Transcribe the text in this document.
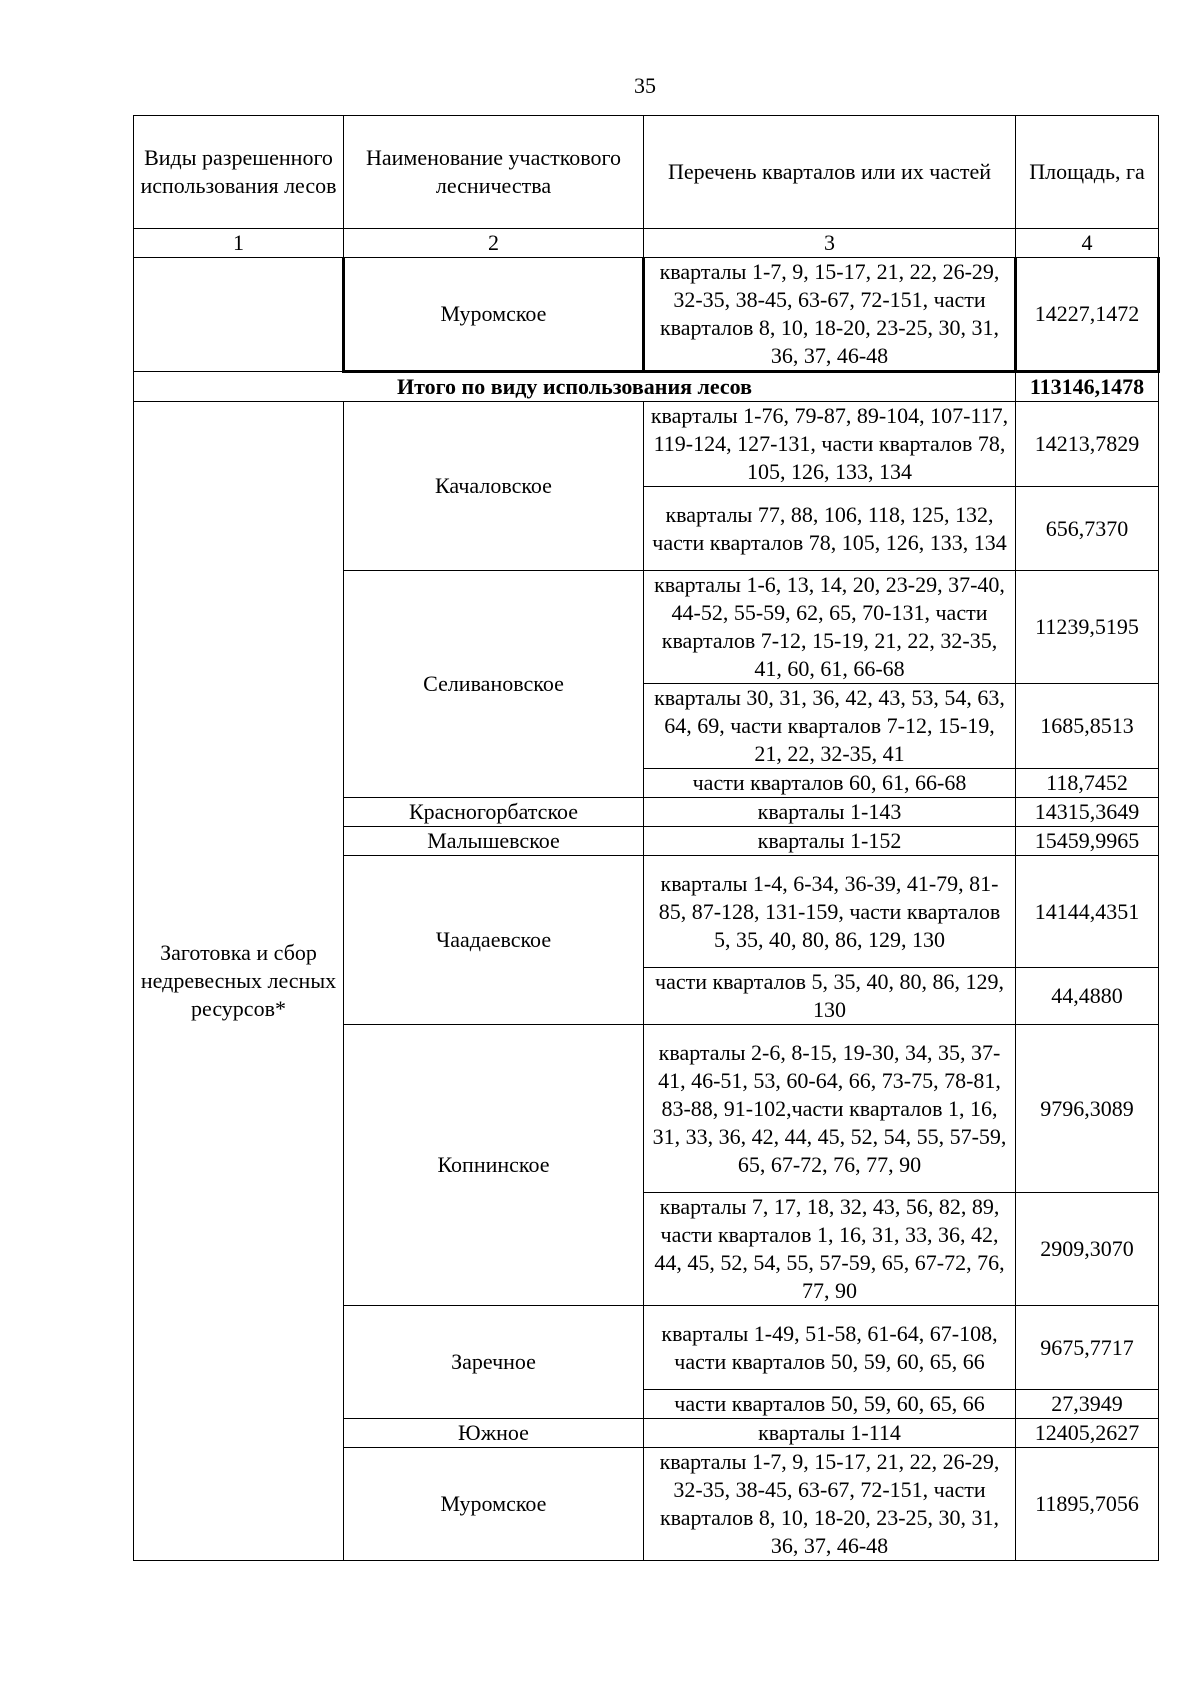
35
Виды разрешенного использования лесов	Наименование участкового лесничества	Перечень кварталов или их частей	Площадь, га
1	2	3	4
	Муромское	кварталы 1-7, 9, 15-17, 21, 22, 26-29, 32-35, 38-45, 63-67, 72-151, части кварталов 8, 10, 18-20, 23-25, 30, 31, 36, 37, 46-48	14227,1472
Итого по виду использования лесов			113146,1478
Заготовка и сбор недревесных лесных ресурсов*	Качаловское	кварталы 1-76, 79-87, 89-104, 107-117, 119-124, 127-131, части кварталов 78, 105, 126, 133, 134	14213,7829
		кварталы 77, 88, 106, 118, 125, 132, части кварталов 78, 105, 126, 133, 134	656,7370
	Селивановское	кварталы 1-6, 13, 14, 20, 23-29, 37-40, 44-52, 55-59, 62, 65, 70-131, части кварталов 7-12, 15-19, 21, 22, 32-35, 41, 60, 61, 66-68	11239,5195
		кварталы 30, 31, 36, 42, 43, 53, 54, 63, 64, 69, части кварталов 7-12, 15-19, 21, 22, 32-35, 41	1685,8513
		части кварталов 60, 61, 66-68	118,7452
	Красногорбатское	кварталы 1-143	14315,3649
	Малышевское	кварталы 1-152	15459,9965
	Чаадаевское	кварталы 1-4, 6-34, 36-39, 41-79, 81-85, 87-128, 131-159, части кварталов 5, 35, 40, 80, 86, 129, 130	14144,4351
		части кварталов 5, 35, 40, 80, 86, 129, 130	44,4880
	Копнинское	кварталы 2-6, 8-15, 19-30, 34, 35, 37-41, 46-51, 53, 60-64, 66, 73-75, 78-81, 83-88, 91-102,части кварталов 1, 16, 31, 33, 36, 42, 44, 45, 52, 54, 55, 57-59, 65, 67-72, 76, 77, 90	9796,3089
		кварталы 7, 17, 18, 32, 43, 56, 82, 89, части кварталов 1, 16, 31, 33, 36, 42, 44, 45, 52, 54, 55, 57-59, 65, 67-72, 76, 77, 90	2909,3070
	Заречное	кварталы 1-49, 51-58, 61-64, 67-108, части кварталов 50, 59, 60, 65, 66	9675,7717
		части кварталов 50, 59, 60, 65, 66	27,3949
	Южное	кварталы 1-114	12405,2627
	Муромское	кварталы 1-7, 9, 15-17, 21, 22, 26-29, 32-35, 38-45, 63-67, 72-151, части кварталов 8, 10, 18-20, 23-25, 30, 31, 36, 37, 46-48	11895,7056
